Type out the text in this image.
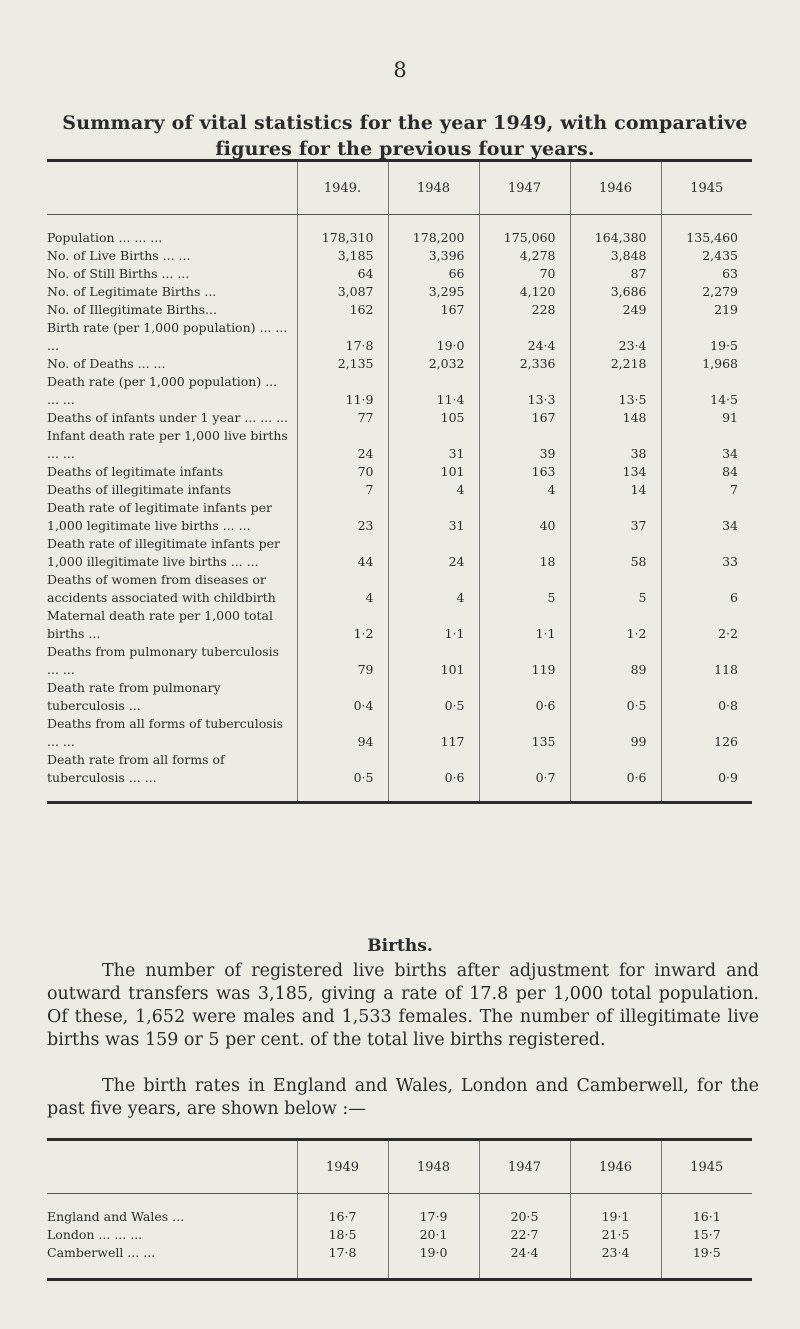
8
Summary of vital statistics for the year 1949, with comparative figures for the previous four years.
	1949.	1948	1947	1946	1945
Population ... ... ...	178,310	178,200	175,060	164,380	135,460
No. of Live Births ... ...	3,185	3,396	4,278	3,848	2,435
No. of Still Births ... ...	64	66	70	87	63
No. of Legitimate Births ...	3,087	3,295	4,120	3,686	2,279
No. of Illegitimate Births...	162	167	228	249	219
Birth rate (per 1,000 population) ... ... ...	17·8	19·0	24·4	23·4	19·5
No. of Deaths ... ...	2,135	2,032	2,336	2,218	1,968
Death rate (per 1,000 population) ... ... ...	11·9	11·4	13·3	13·5	14·5
Deaths of infants under 1 year ... ... ...	77	105	167	148	91
Infant death rate per 1,000 live births ... ...	24	31	39	38	34
Deaths of legitimate infants	70	101	163	134	84
Deaths of illegitimate infants	7	4	4	14	7
Death rate of legitimate infants per 1,000 legitimate live births ... ...	23	31	40	37	34
Death rate of illegitimate infants per 1,000 illegitimate live births ... ...	44	24	18	58	33
Deaths of women from diseases or accidents associated with childbirth	4	4	5	5	6
Maternal death rate per 1,000 total births ...	1·2	1·1	1·1	1·2	2·2
Deaths from pulmonary tuberculosis ... ...	79	101	119	89	118
Death rate from pulmonary tuberculosis ...	0·4	0·5	0·6	0·5	0·8
Deaths from all forms of tuberculosis ... ...	94	117	135	99	126
Death rate from all forms of tuberculosis ... ...	0·5	0·6	0·7	0·6	0·9
Births.

The number of registered live births after adjustment for inward and outward transfers was 3,185, giving a rate of 17.8 per 1,000 total population. Of these, 1,652 were males and 1,533 females. The number of illegitimate live births was 159 or 5 per cent. of the total live births registered.

The birth rates in England and Wales, London and Camberwell, for the past five years, are shown below :—

	1949	1948	1947	1946	1945
England and Wales ...	16·7	17·9	20·5	19·1	16·1
London ... ... ...	18·5	20·1	22·7	21·5	15·7
Camberwell ... ...	17·8	19·0	24·4	23·4	19·5
